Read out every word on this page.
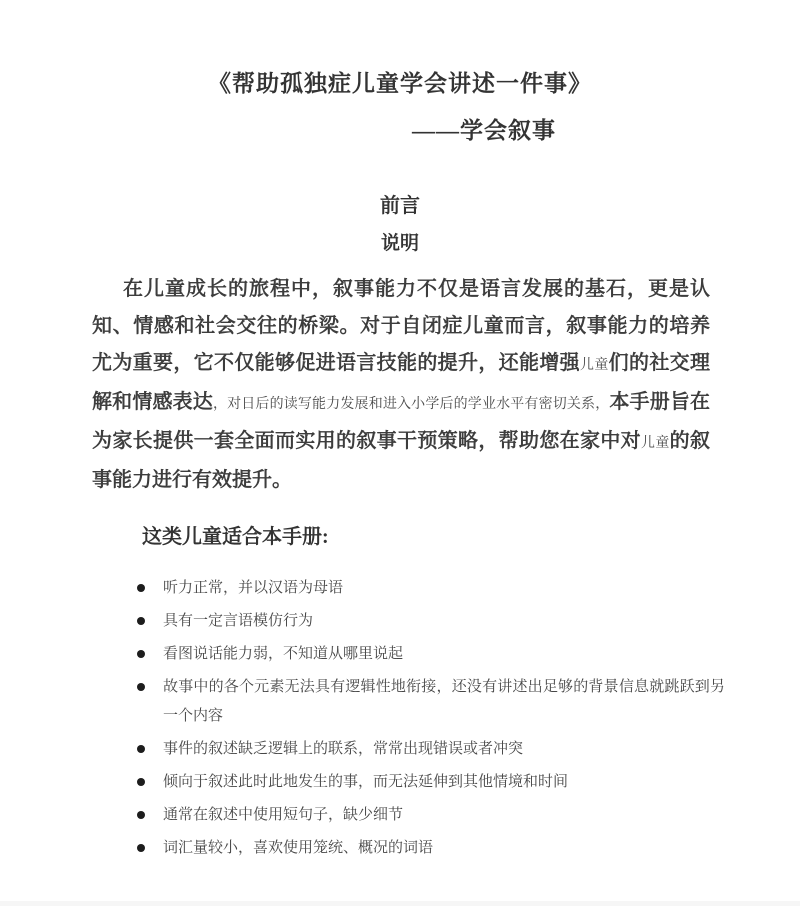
《帮助孤独症儿童学会讲述一件事》
——学会叙事
前言
说明

在儿童成长的旅程中，叙事能力不仅是语言发展的基石，更是认知、情感和社会交往的桥梁。对于自闭症儿童而言，叙事能力的培养尤为重要，它不仅能够促进语言技能的提升，还能增强儿童们的社交理解和情感表达，对日后的读写能力发展和进入小学后的学业水平有密切关系，本手册旨在为家长提供一套全面而实用的叙事干预策略，帮助您在家中对儿童的叙事能力进行有效提升。

这类儿童适合本手册:
听力正常，并以汉语为母语
具有一定言语模仿行为
看图说话能力弱，不知道从哪里说起
故事中的各个元素无法具有逻辑性地衔接，还没有讲述出足够的背景信息就跳跃到另一个内容
事件的叙述缺乏逻辑上的联系，常常出现错误或者冲突
倾向于叙述此时此地发生的事，而无法延伸到其他情境和时间
通常在叙述中使用短句子，缺少细节
词汇量较小，喜欢使用笼统、概况的词语
